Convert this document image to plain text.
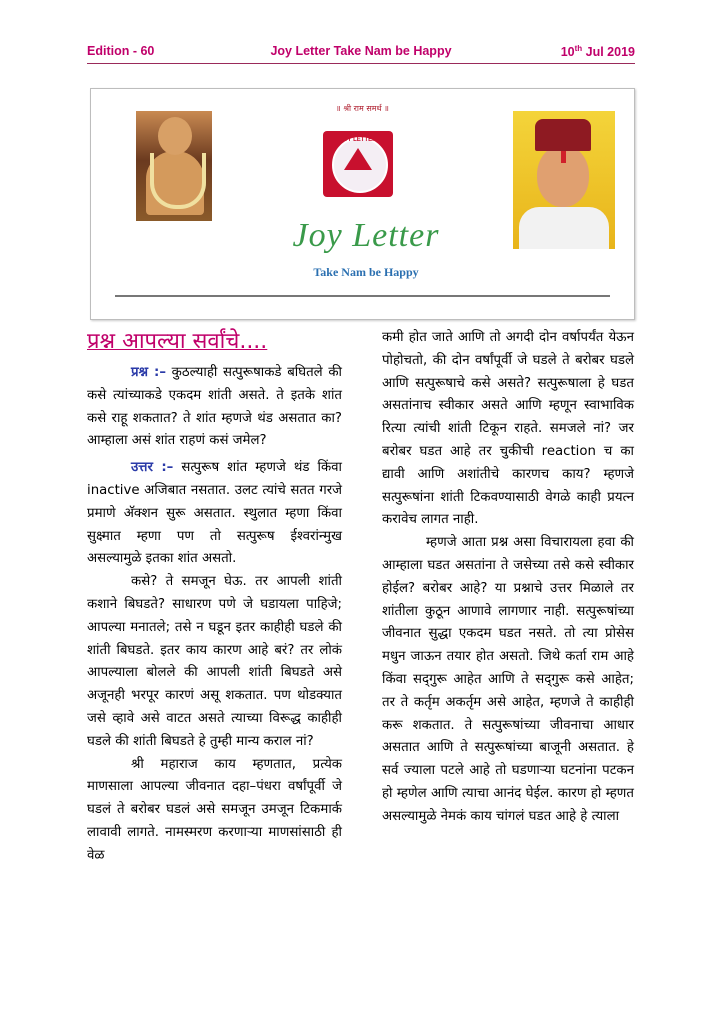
Edition - 60	Joy Letter Take Nam be Happy	10th Jul 2019
॥ श्री राम समर्थ ॥
JOY LETTER
Joy Letter
Take Nam be Happy
प्रश्न आपल्या सर्वांचे....

प्रश्न :– कुठल्याही सत्पुरूषाकडे बघितले की कसे त्यांच्याकडे एकदम शांती असते. ते इतके शांत कसे राहू शकतात? ते शांत म्हणजे थंड असतात का? आम्हाला असं शांत राहणं कसं जमेल?

उत्तर :– सत्पुरूष शांत म्हणजे थंड किंवा inactive अजिबात नसतात. उलट त्यांचे सतत गरजे प्रमाणे अ‍ॅक्शन सुरू असतात. स्थुलात म्हणा किंवा सुक्ष्मात म्हणा पण तो सत्पुरूष ईश्वरांन्मुख असल्यामुळे इतका शांत असतो.

कसे? ते समजून घेऊ. तर आपली शांती कशाने बिघडते? साधारण पणे जे घडायला पाहिजे; आपल्या मनातले; तसे न घडून इतर काहीही घडले की शांती बिघडते. इतर काय कारण आहे बरं? तर लोकं आपल्याला बोलले की आपली शांती बिघडते असे अजूनही भरपूर कारणं असू शकतात. पण थोडक्यात जसे व्हावे असे वाटत असते त्याच्या विरूद्ध काहीही घडले की शांती बिघडते हे तुम्ही मान्य कराल नां?

श्री महाराज काय म्हणतात, प्रत्येक माणसाला आपल्या जीवनात दहा–पंधरा वर्षांपूर्वी जे घडलं ते बरोबर घडलं असे समजून उमजून टिकमार्क लावावी लागते. नामस्मरण करणाऱ्या माणसांसाठी ही वेळ

कमी होत जाते आणि तो अगदी दोन वर्षापर्यंत येऊन पोहोचतो, की दोन वर्षांपूर्वी जे घडले ते बरोबर घडले आणि सत्पुरूषाचे कसे असते? सत्पुरूषाला हे घडत असतांनाच स्वीकार असते आणि म्हणून स्वाभाविक रित्या त्यांची शांती टिकून राहते. समजले नां? जर बरोबर घडत आहे तर चुकीची reaction च का द्यावी आणि अशांतीचे कारणच काय? म्हणजे सत्पुरूषांना शांती टिकवण्यासाठी वेगळे काही प्रयत्न करावेच लागत नाही.

म्हणजे आता प्रश्न असा विचारायला हवा की आम्हाला घडत असतांना ते जसेच्या तसे कसे स्वीकार होईल? बरोबर आहे? या प्रश्नाचे उत्तर मिळाले तर शांतीला कुठून आणावे लागणार नाही. सत्पुरूषांच्या जीवनात सुद्धा एकदम घडत नसते. तो त्या प्रोसेस मधुन जाऊन तयार होत असतो. जिथे कर्ता राम आहे किंवा सद्‌गुरू आहेत आणि ते सद्‌गुरू कसे आहेत; तर ते कर्तृम अकर्तृम असे आहेत, म्हणजे ते काहीही करू शकतात. ते सत्पुरूषांच्या जीवनाचा आधार असतात आणि ते सत्पुरूषांच्या बाजूनी असतात. हे सर्व ज्याला पटले आहे तो घडणाऱ्या घटनांना पटकन हो म्हणेल आणि त्याचा आनंद घेईल. कारण हो म्हणत असल्यामुळे नेमकं काय चांगलं घडत आहे हे त्याला
